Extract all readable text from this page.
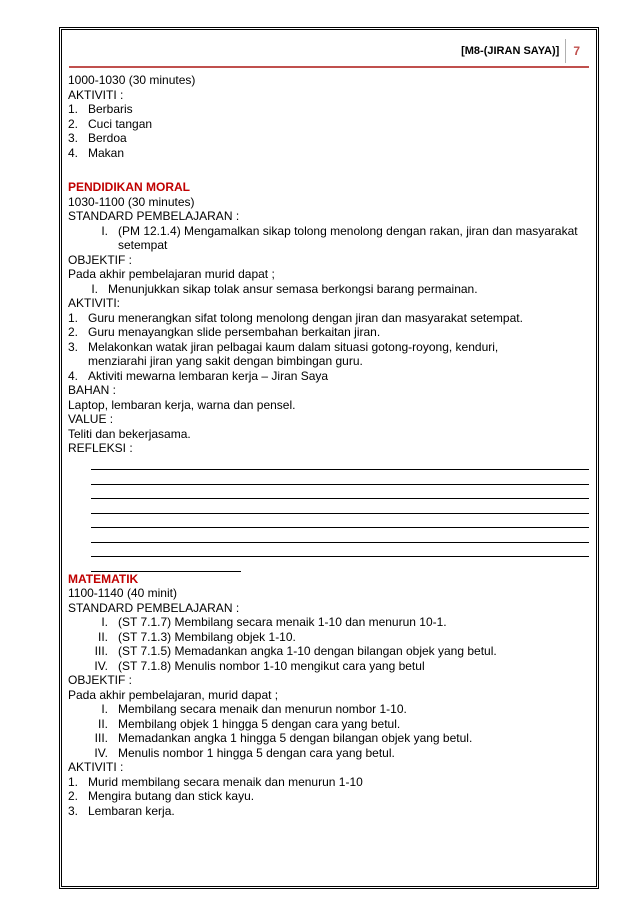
[M8-(JIRAN SAYA)]	7
1000-1030 (30 minutes)
AKTIVITI :
1. Berbaris
2. Cuci tangan
3. Berdoa
4. Makan
PENDIDIKAN MORAL
1030-1100 (30 minutes)
STANDARD PEMBELAJARAN :
I. (PM 12.1.4) Mengamalkan sikap tolong menolong dengan rakan, jiran dan masyarakat setempat
OBJEKTIF :
Pada akhir pembelajaran murid dapat ;
I. Menunjukkan sikap tolak ansur semasa berkongsi barang permainan.
AKTIVITI:
1. Guru menerangkan sifat tolong menolong dengan jiran dan masyarakat setempat.
2. Guru menayangkan slide persembahan berkaitan jiran.
3. Melakonkan watak jiran pelbagai kaum dalam situasi gotong-royong, kenduri,
menziarahi jiran yang sakit dengan bimbingan guru.
4. Aktiviti mewarna lembaran kerja – Jiran Saya
BAHAN :
Laptop, lembaran kerja, warna dan pensel.
VALUE :
Teliti dan bekerjasama.
REFLEKSI :
MATEMATIK
1100-1140 (40 minit)
STANDARD PEMBELAJARAN :
I. (ST 7.1.7) Membilang secara menaik 1-10 dan menurun 10-1.
II. (ST 7.1.3) Membilang objek 1-10.
III. (ST 7.1.5) Memadankan angka 1-10 dengan bilangan objek yang betul.
IV. (ST 7.1.8) Menulis nombor 1-10 mengikut cara yang betul
OBJEKTIF :
Pada akhir pembelajaran, murid dapat ;
I. Membilang secara menaik dan menurun nombor 1-10.
II. Membilang objek 1 hingga 5 dengan cara yang betul.
III. Memadankan angka 1 hingga 5 dengan bilangan objek yang betul.
IV. Menulis nombor 1 hingga 5 dengan cara yang betul.
AKTIVITI :
1. Murid membilang secara menaik dan menurun 1-10
2. Mengira butang dan stick kayu.
3. Lembaran kerja.
